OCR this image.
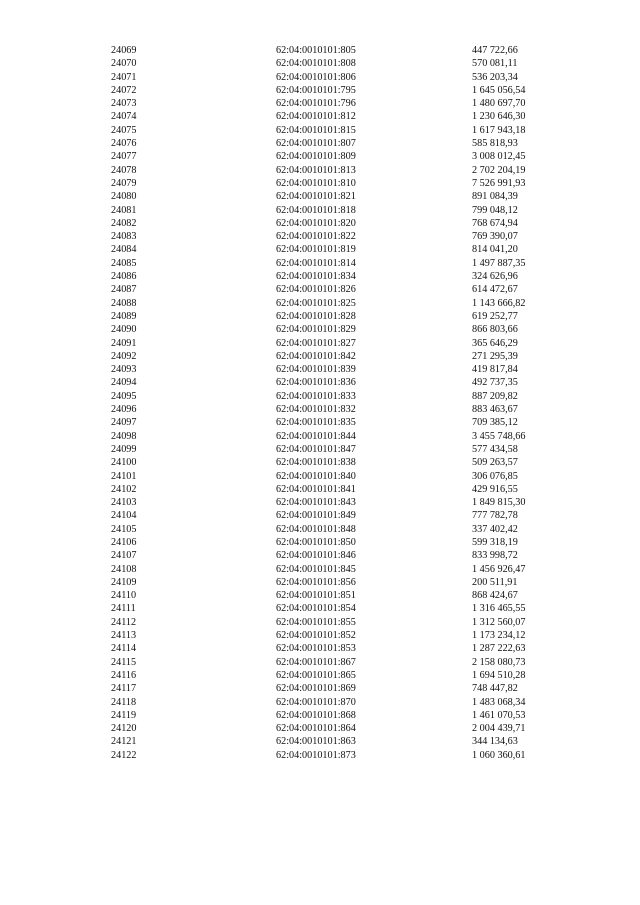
24069	62:04:0010101:805	447 722,66
24070	62:04:0010101:808	570 081,11
24071	62:04:0010101:806	536 203,34
24072	62:04:0010101:795	1 645 056,54
24073	62:04:0010101:796	1 480 697,70
24074	62:04:0010101:812	1 230 646,30
24075	62:04:0010101:815	1 617 943,18
24076	62:04:0010101:807	585 818,93
24077	62:04:0010101:809	3 008 012,45
24078	62:04:0010101:813	2 702 204,19
24079	62:04:0010101:810	7 526 991,93
24080	62:04:0010101:821	891 084,39
24081	62:04:0010101:818	799 048,12
24082	62:04:0010101:820	768 674,94
24083	62:04:0010101:822	769 390,07
24084	62:04:0010101:819	814 041,20
24085	62:04:0010101:814	1 497 887,35
24086	62:04:0010101:834	324 626,96
24087	62:04:0010101:826	614 472,67
24088	62:04:0010101:825	1 143 666,82
24089	62:04:0010101:828	619 252,77
24090	62:04:0010101:829	866 803,66
24091	62:04:0010101:827	365 646,29
24092	62:04:0010101:842	271 295,39
24093	62:04:0010101:839	419 817,84
24094	62:04:0010101:836	492 737,35
24095	62:04:0010101:833	887 209,82
24096	62:04:0010101:832	883 463,67
24097	62:04:0010101:835	709 385,12
24098	62:04:0010101:844	3 455 748,66
24099	62:04:0010101:847	577 434,58
24100	62:04:0010101:838	509 263,57
24101	62:04:0010101:840	306 076,85
24102	62:04:0010101:841	429 916,55
24103	62:04:0010101:843	1 849 815,30
24104	62:04:0010101:849	777 782,78
24105	62:04:0010101:848	337 402,42
24106	62:04:0010101:850	599 318,19
24107	62:04:0010101:846	833 998,72
24108	62:04:0010101:845	1 456 926,47
24109	62:04:0010101:856	200 511,91
24110	62:04:0010101:851	868 424,67
24111	62:04:0010101:854	1 316 465,55
24112	62:04:0010101:855	1 312 560,07
24113	62:04:0010101:852	1 173 234,12
24114	62:04:0010101:853	1 287 222,63
24115	62:04:0010101:867	2 158 080,73
24116	62:04:0010101:865	1 694 510,28
24117	62:04:0010101:869	748 447,82
24118	62:04:0010101:870	1 483 068,34
24119	62:04:0010101:868	1 461 070,53
24120	62:04:0010101:864	2 004 439,71
24121	62:04:0010101:863	344 134,63
24122	62:04:0010101:873	1 060 360,61
